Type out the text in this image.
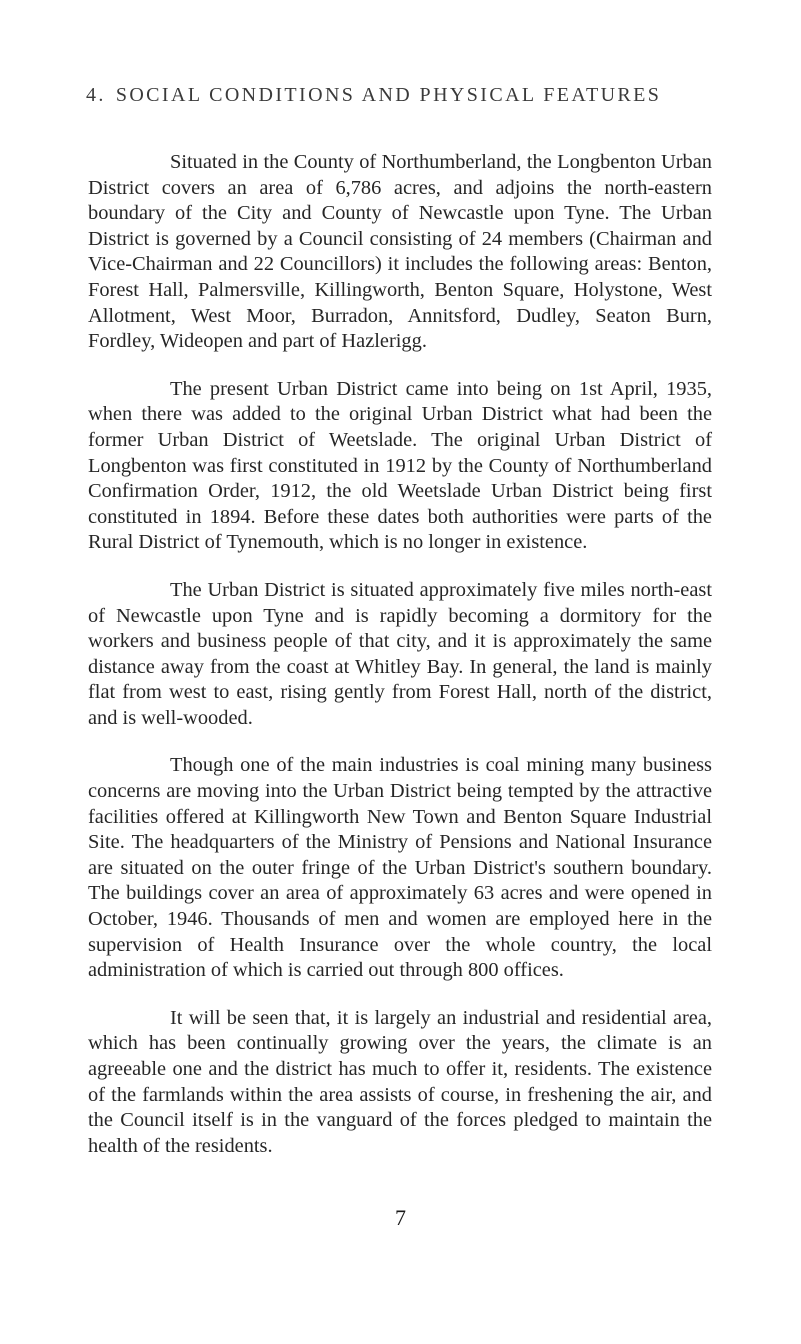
4. SOCIAL CONDITIONS AND PHYSICAL FEATURES

Situated in the County of Northumberland, the Longbenton Urban District covers an area of 6,786 acres, and adjoins the north-eastern boundary of the City and County of Newcastle upon Tyne. The Urban District is governed by a Council consisting of 24 members (Chairman and Vice-Chairman and 22 Councillors) it includes the following areas: Benton, Forest Hall, Palmersville, Killingworth, Benton Square, Holystone, West Allotment, West Moor, Burradon, Annitsford, Dudley, Seaton Burn, Fordley, Wideopen and part of Hazlerigg.

The present Urban District came into being on 1st April, 1935, when there was added to the original Urban District what had been the former Urban District of Weetslade. The original Urban District of Longbenton was first constituted in 1912 by the County of Northumberland Confirmation Order, 1912, the old Weetslade Urban District being first constituted in 1894. Before these dates both authorities were parts of the Rural District of Tynemouth, which is no longer in existence.

The Urban District is situated approximately five miles north-east of Newcastle upon Tyne and is rapidly becoming a dormitory for the workers and business people of that city, and it is approximately the same distance away from the coast at Whitley Bay. In general, the land is mainly flat from west to east, rising gently from Forest Hall, north of the district, and is well-wooded.

Though one of the main industries is coal mining many business concerns are moving into the Urban District being tempted by the attractive facilities offered at Killingworth New Town and Benton Square Industrial Site. The headquarters of the Ministry of Pensions and National Insurance are situated on the outer fringe of the Urban District's southern boundary. The buildings cover an area of approximately 63 acres and were opened in October, 1946. Thousands of men and women are employed here in the supervision of Health Insurance over the whole country, the local administration of which is carried out through 800 offices.

It will be seen that, it is largely an industrial and residential area, which has been continually growing over the years, the climate is an agreeable one and the district has much to offer it, residents. The existence of the farmlands within the area assists of course, in freshening the air, and the Council itself is in the vanguard of the forces pledged to maintain the health of the residents.

7
